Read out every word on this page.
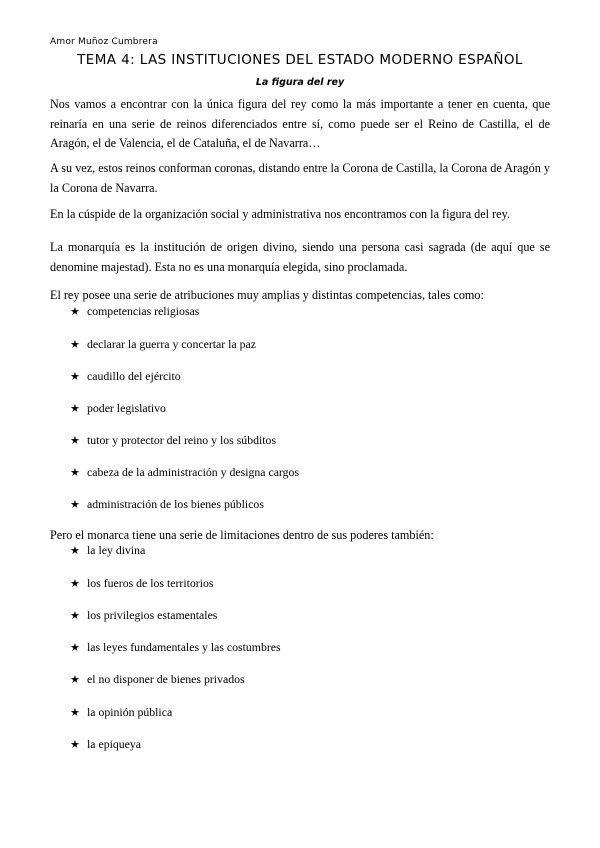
Amor Muñoz Cumbrera
TEMA 4: LAS INSTITUCIONES DEL ESTADO MODERNO ESPAÑOL
La figura del rey
Nos vamos a encontrar con la única figura del rey como la más importante a tener en cuenta, que
reinaría en una serie de reinos diferenciados entre sí, como puede ser el Reino de Castilla, el de
Aragón, el de Valencia, el de Cataluña, el de Navarra…
A su vez, estos reinos conforman coronas, distando entre la Corona de Castilla, la Corona de Aragón y
la Corona de Navarra.
En la cúspide de la organización social y administrativa nos encontramos con la figura del rey.
La monarquía es la institución de origen divino, siendo una persona casi sagrada (de aquí que se
denomine majestad). Esta no es una monarquía elegida, sino proclamada.
El rey posee una serie de atribuciones muy amplias y distintas competencias, tales como:
★ competencias religiosas
★ declarar la guerra y concertar la paz
★ caudillo del ejército
★ poder legislativo
★ tutor y protector del reino y los súbditos
★ cabeza de la administración y designa cargos
★ administración de los bienes públicos
Pero el monarca tiene una serie de limitaciones dentro de sus poderes también:
★ la ley divina
★ los fueros de los territorios
★ los privilegios estamentales
★ las leyes fundamentales y las costumbres
★ el no disponer de bienes privados
★ la opinión pública
★ la epiqueya
